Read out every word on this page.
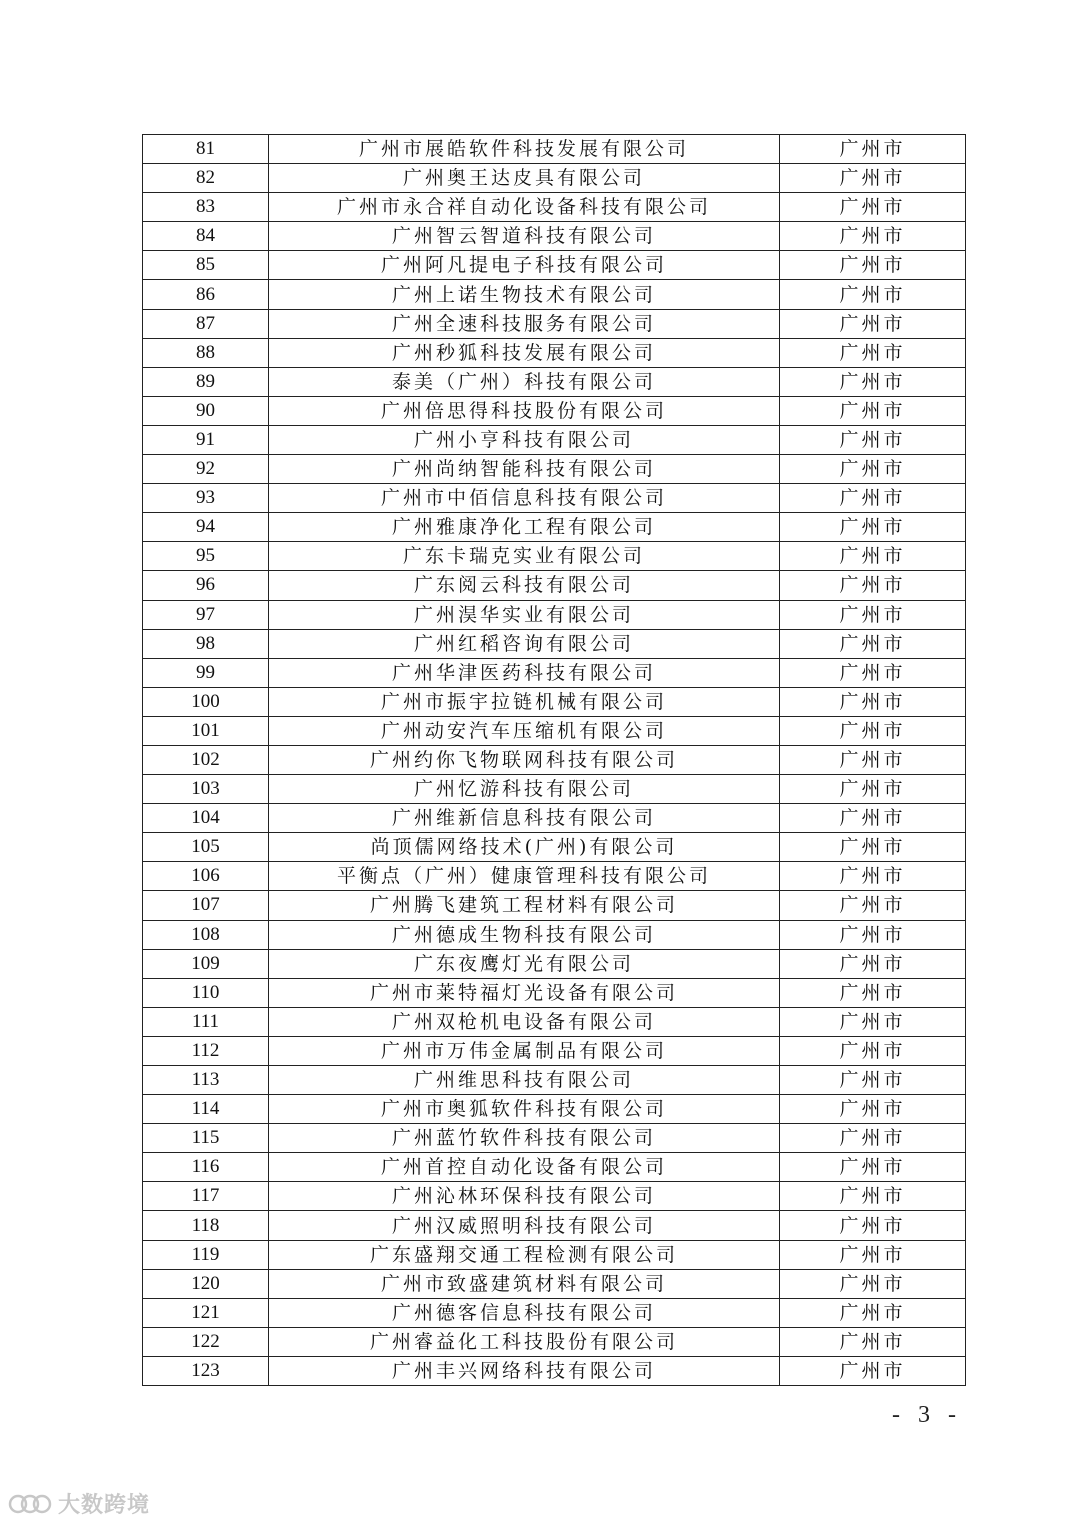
81	广州市展皓软件科技发展有限公司	广州市
82	广州奥王达皮具有限公司	广州市
83	广州市永合祥自动化设备科技有限公司	广州市
84	广州智云智道科技有限公司	广州市
85	广州阿凡提电子科技有限公司	广州市
86	广州上诺生物技术有限公司	广州市
87	广州全速科技服务有限公司	广州市
88	广州秒狐科技发展有限公司	广州市
89	泰美（广州）科技有限公司	广州市
90	广州倍思得科技股份有限公司	广州市
91	广州小亨科技有限公司	广州市
92	广州尚纳智能科技有限公司	广州市
93	广州市中佰信息科技有限公司	广州市
94	广州雅康净化工程有限公司	广州市
95	广东卡瑞克实业有限公司	广州市
96	广东阅云科技有限公司	广州市
97	广州淏华实业有限公司	广州市
98	广州红稻咨询有限公司	广州市
99	广州华津医药科技有限公司	广州市
100	广州市振宇拉链机械有限公司	广州市
101	广州动安汽车压缩机有限公司	广州市
102	广州约你飞物联网科技有限公司	广州市
103	广州忆游科技有限公司	广州市
104	广州维新信息科技有限公司	广州市
105	尚顶儒网络技术(广州)有限公司	广州市
106	平衡点（广州）健康管理科技有限公司	广州市
107	广州腾飞建筑工程材料有限公司	广州市
108	广州德成生物科技有限公司	广州市
109	广东夜鹰灯光有限公司	广州市
110	广州市莱特福灯光设备有限公司	广州市
111	广州双枪机电设备有限公司	广州市
112	广州市万伟金属制品有限公司	广州市
113	广州维思科技有限公司	广州市
114	广州市奥狐软件科技有限公司	广州市
115	广州蓝竹软件科技有限公司	广州市
116	广州首控自动化设备有限公司	广州市
117	广州沁林环保科技有限公司	广州市
118	广州汉威照明科技有限公司	广州市
119	广东盛翔交通工程检测有限公司	广州市
120	广州市致盛建筑材料有限公司	广州市
121	广州德客信息科技有限公司	广州市
122	广州睿益化工科技股份有限公司	广州市
123	广州丰兴网络科技有限公司	广州市
- 3 -
大数跨境
